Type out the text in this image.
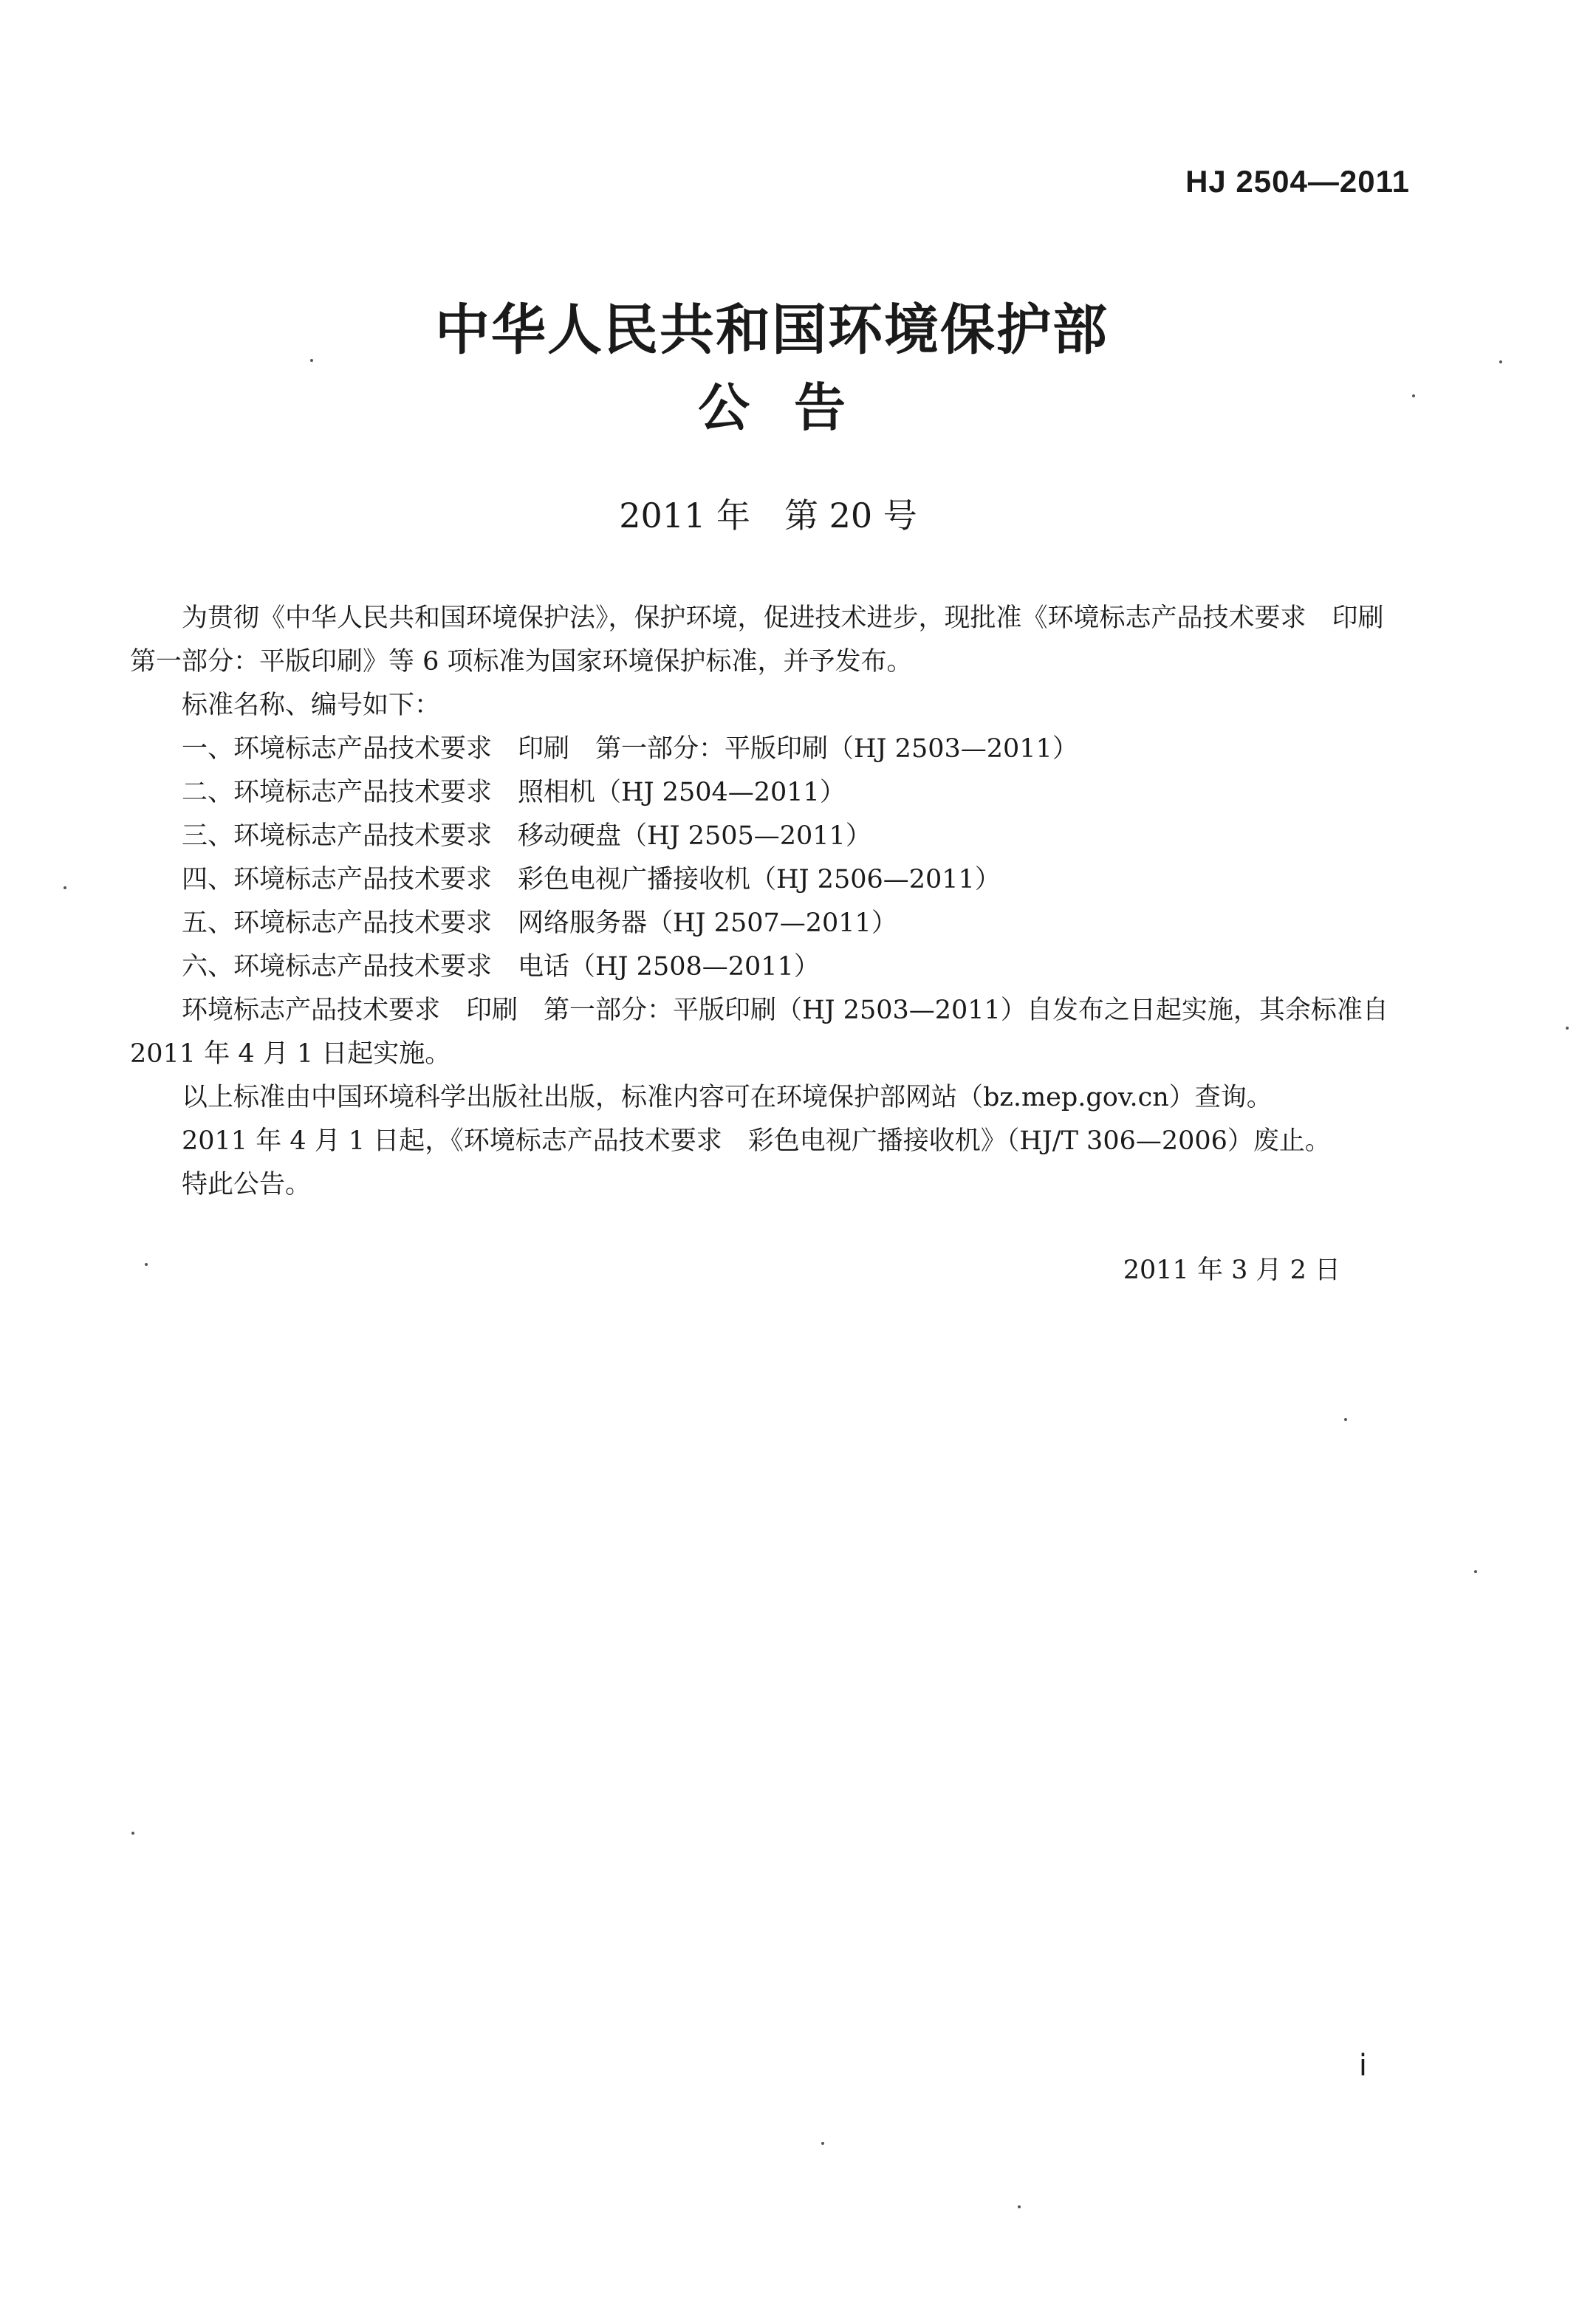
HJ 2504—2011
中华人民共和国环境保护部
公告
2011 年　第 20 号

为贯彻《中华人民共和国环境保护法》，保护环境，促进技术进步，现批准《环境标志产品技术要求　印刷　第一部分：平版印刷》等 6 项标准为国家环境保护标准，并予发布。

标准名称、编号如下：

一、环境标志产品技术要求　印刷　第一部分：平版印刷（HJ 2503—2011）
二、环境标志产品技术要求　照相机（HJ 2504—2011）
三、环境标志产品技术要求　移动硬盘（HJ 2505—2011）
四、环境标志产品技术要求　彩色电视广播接收机（HJ 2506—2011）
五、环境标志产品技术要求　网络服务器（HJ 2507—2011）
六、环境标志产品技术要求　电话（HJ 2508—2011）

环境标志产品技术要求　印刷　第一部分：平版印刷（HJ 2503—2011）自发布之日起实施，其余标准自 2011 年 4 月 1 日起实施。

以上标准由中国环境科学出版社出版，标准内容可在环境保护部网站（bz.mep.gov.cn）查询。

2011 年 4 月 1 日起，《环境标志产品技术要求　彩色电视广播接收机》（HJ/T 306—2006）废止。

特此公告。

2011 年 3 月 2 日
i
